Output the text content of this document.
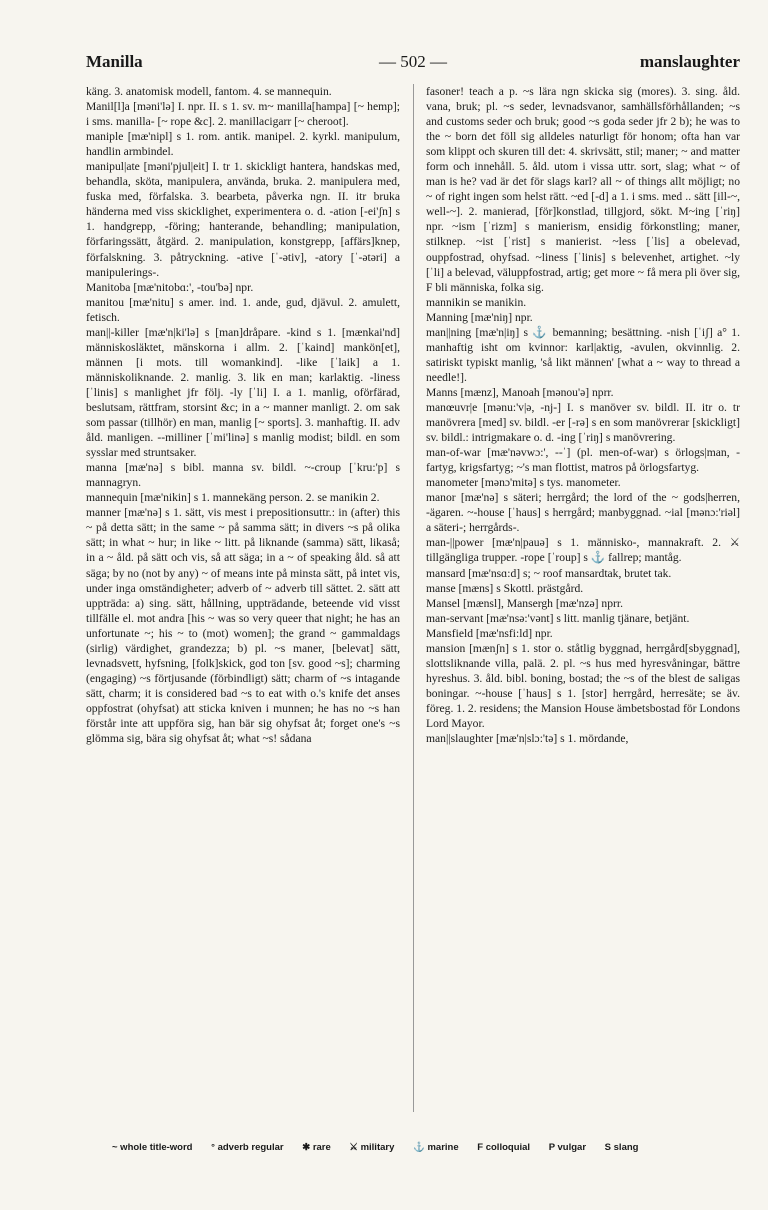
— 502 —
Manilla	manslaughter

käng. 3. anatomisk modell, fantom. 4. se mannequin.

Manil[l]a [məni'lə] I. npr. II. s 1. sv. m~ manilla[hampa] [~ hemp]; i sms. manilla- [~ rope &c]. 2. manillacigarr [~ cheroot].

maniple [mæ'nipl] s 1. rom. antik. manipel. 2. kyrkl. manipulum, handlin armbindel.

manipul|ate [məni'pjul|eit] I. tr 1. skickligt hantera, handskas med, behandla, sköta, manipulera, använda, bruka. 2. manipulera med, fuska med, förfalska. 3. bearbeta, påverka ngn. II. itr bruka händerna med viss skicklighet, experimentera o. d. -ation [-ei'ʃn] s 1. handgrepp, -föring; hanterande, behandling; manipulation, förfaringssätt, åtgärd. 2. manipulation, konstgrepp, [affärs]knep, förfalskning. 3. påtryckning. -ative [ˈ-ətiv], -atory [ˈ-ətəri] a manipulerings-.

Manitoba [mæ'nitobɑ:', -tou'bə] npr.

manitou [mæ'nitu] s amer. ind. 1. ande, gud, djävul. 2. amulett, fetisch.

man||-killer [mæ'n|ki'lə] s [man]dråpare. -kind s 1. [mænkai'nd] människosläktet, mänskorna i allm. 2. [ˈkaind] mankön[et], männen [i mots. till womankind]. -like [ˈlaik] a 1. människoliknande. 2. manlig. 3. lik en man; karlaktig. -liness [ˈlinis] s manlighet jfr följ. -ly [ˈli] I. a 1. manlig, oförfärad, beslutsam, rättfram, storsint &c; in a ~ manner manligt. 2. om sak som passar (tillhör) en man, manlig [~ sports]. 3. manhaftig. II. adv åld. manligen. --milliner [ˈmi'linə] s manlig modist; bildl. en som sysslar med struntsaker.

manna [mæ'nə] s bibl. manna sv. bildl. ~-croup [ˈkru:'p] s mannagryn.

mannequin [mæ'nikin] s 1. mannekäng person. 2. se manikin 2.

manner [mæ'nə] s 1. sätt, vis mest i prepositionsuttr.: in (after) this ~ på detta sätt; in the same ~ på samma sätt; in divers ~s på olika sätt; in what ~ hur; in like ~ litt. på liknande (samma) sätt, likaså; in a ~ åld. på sätt och vis, så att säga; in a ~ of speaking åld. så att säga; by no (not by any) ~ of means inte på minsta sätt, på intet vis, under inga omständigheter; adverb of ~ adverb till sättet. 2. sätt att uppträda: a) sing. sätt, hållning, uppträdande, beteende vid visst tillfälle el. mot andra [his ~ was so very queer that night; he has an unfortunate ~; his ~ to (mot) women]; the grand ~ gammaldags (sirlig) värdighet, grandezza; b) pl. ~s maner, [belevat] sätt, levnadsvett, hyfsning, [folk]skick, god ton [sv. good ~s]; charming (engaging) ~s förtjusande (förbindligt) sätt; charm of ~s intagande sätt, charm; it is considered bad ~s to eat with o.'s knife det anses oppfostrat (ohyfsat) att sticka kniven i munnen; he has no ~s han förstår inte att uppföra sig, han bär sig ohyfsat åt; forget one's ~s glömma sig, bära sig ohyfsat åt; what ~s! sådana

fasoner! teach a p. ~s lära ngn skicka sig (mores). 3. sing. åld. vana, bruk; pl. ~s seder, levnadsvanor, samhällsförhållanden; ~s and customs seder och bruk; good ~s goda seder jfr 2 b); he was to the ~ born det föll sig alldeles naturligt för honom; ofta han var som klippt och skuren till det: 4. skrivsätt, stil; maner; ~ and matter form och innehåll. 5. åld. utom i vissa uttr. sort, slag; what ~ of man is he? vad är det för slags karl? all ~ of things allt möjligt; no ~ of right ingen som helst rätt. ~ed [-d] a 1. i sms. med .. sätt [ill-~, well-~]. 2. manierad, [för]konstlad, tillgjord, sökt. M~ing [ˈriŋ] npr. ~ism [ˈrizm] s manierism, ensidig förkonstling; maner, stilknep. ~ist [ˈrist] s manierist. ~less [ˈlis] a obelevad, ouppfostrad, ohyfsad. ~liness [ˈlinis] s belevenhet, artighet. ~ly [ˈli] a belevad, väluppfostrad, artig; get more ~ få mera pli över sig, F bli människa, folka sig.

mannikin se manikin.

Manning [mæ'niŋ] npr.

man||ning [mæ'n|iŋ] s ⚓ bemanning; besättning. -nish [ˈiʃ] a° 1. manhaftig isht om kvinnor: karl|aktig, -avulen, okvinnlig. 2. satiriskt typiskt manlig, 'så likt männen' [what a ~ way to thread a needle!].

Manns [mænz], Manoah [mənou'ə] nprr.

manœuvr|e [mənu:'v|ə, -nj-] I. s manöver sv. bildl. II. itr o. tr manövrera [med] sv. bildl. -er [-rə] s en som manövrerar [skickligt] sv. bildl.: intrigmakare o. d. -ing [ˈriŋ] s manövrering.

man-of-war [mæ'nəvwɔ:', --ˈ] (pl. men-of-war) s örlogs|man, -fartyg, krigsfartyg; ~'s man flottist, matros på örlogsfartyg.

manometer [mənɔ'mitə] s tys. manometer.

manor [mæ'nə] s säteri; herrgård; the lord of the ~ gods|herren, -ägaren. ~-house [ˈhaus] s herrgård; manbyggnad. ~ial [mənɔ:'riəl] a säteri-; herrgårds-.

man-||power [mæ'n|pauə] s 1. människo-, mannakraft. 2. ⚔ tillgängliga trupper. -rope [ˈroup] s ⚓ fallrep; mantåg.

mansard [mæ'nsɑ:d] s; ~ roof mansardtak, brutet tak.

manse [mæns] s Skottl. prästgård.

Mansel [mænsl], Mansergh [mæ'nzə] nprr.

man-servant [mæ'nsə:'vənt] s litt. manlig tjänare, betjänt.

Mansfield [mæ'nsfi:ld] npr.

mansion [mænʃn] s 1. stor o. ståtlig byggnad, herrgård[sbyggnad], slottsliknande villa, palä. 2. pl. ~s hus med hyresvåningar, bättre hyreshus. 3. åld. bibl. boning, bostad; the ~s of the blest de saligas boningar. ~-house [ˈhaus] s 1. [stor] herrgård, herresäte; se äv. föreg. 1. 2. residens; the Mansion House ämbetsbostad för Londons Lord Mayor.

man||slaughter [mæ'n|slɔ:'tə] s 1. mördande,

~ whole title-word ° adverb regular ✱ rare ⚔ military ⚓ marine F colloquial P vulgar S slang
